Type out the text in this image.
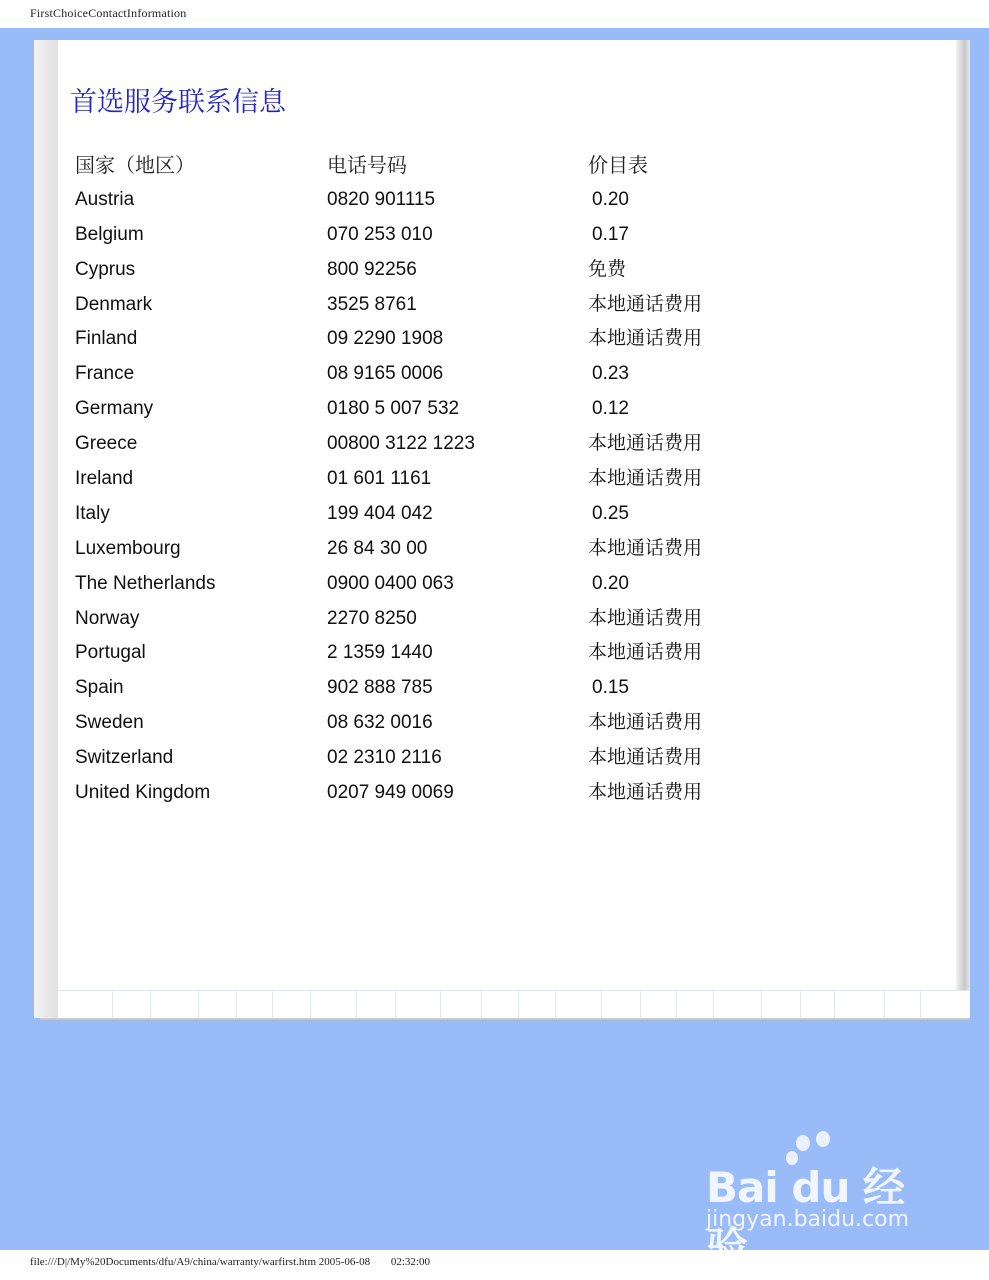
FirstChoiceContactInformation
首选服务联系信息
国家（地区）	电话号码	价目表
Austria	0820 901115	0.20
Belgium	070 253 010	0.17
Cyprus	800 92256	免费
Denmark	3525 8761	本地通话费用
Finland	09 2290 1908	本地通话费用
France	08 9165 0006	0.23
Germany	0180 5 007 532	0.12
Greece	00800 3122 1223	本地通话费用
Ireland	01 601 1161	本地通话费用
Italy	199 404 042	0.25
Luxembourg	26 84 30 00	本地通话费用
The Netherlands	0900 0400 063	0.20
Norway	2270 8250	本地通话费用
Portugal	2 1359 1440	本地通话费用
Spain	902 888 785	0.15
Sweden	08 632 0016	本地通话费用
Switzerland	02 2310 2116	本地通话费用
United Kingdom	0207 949 0069	本地通话费用
Bai du 经验
jingyan.baidu.com
file:///D|/My%20Documents/dfu/A9/china/warranty/warfirst.htm 2005-06-08 02:32:00
